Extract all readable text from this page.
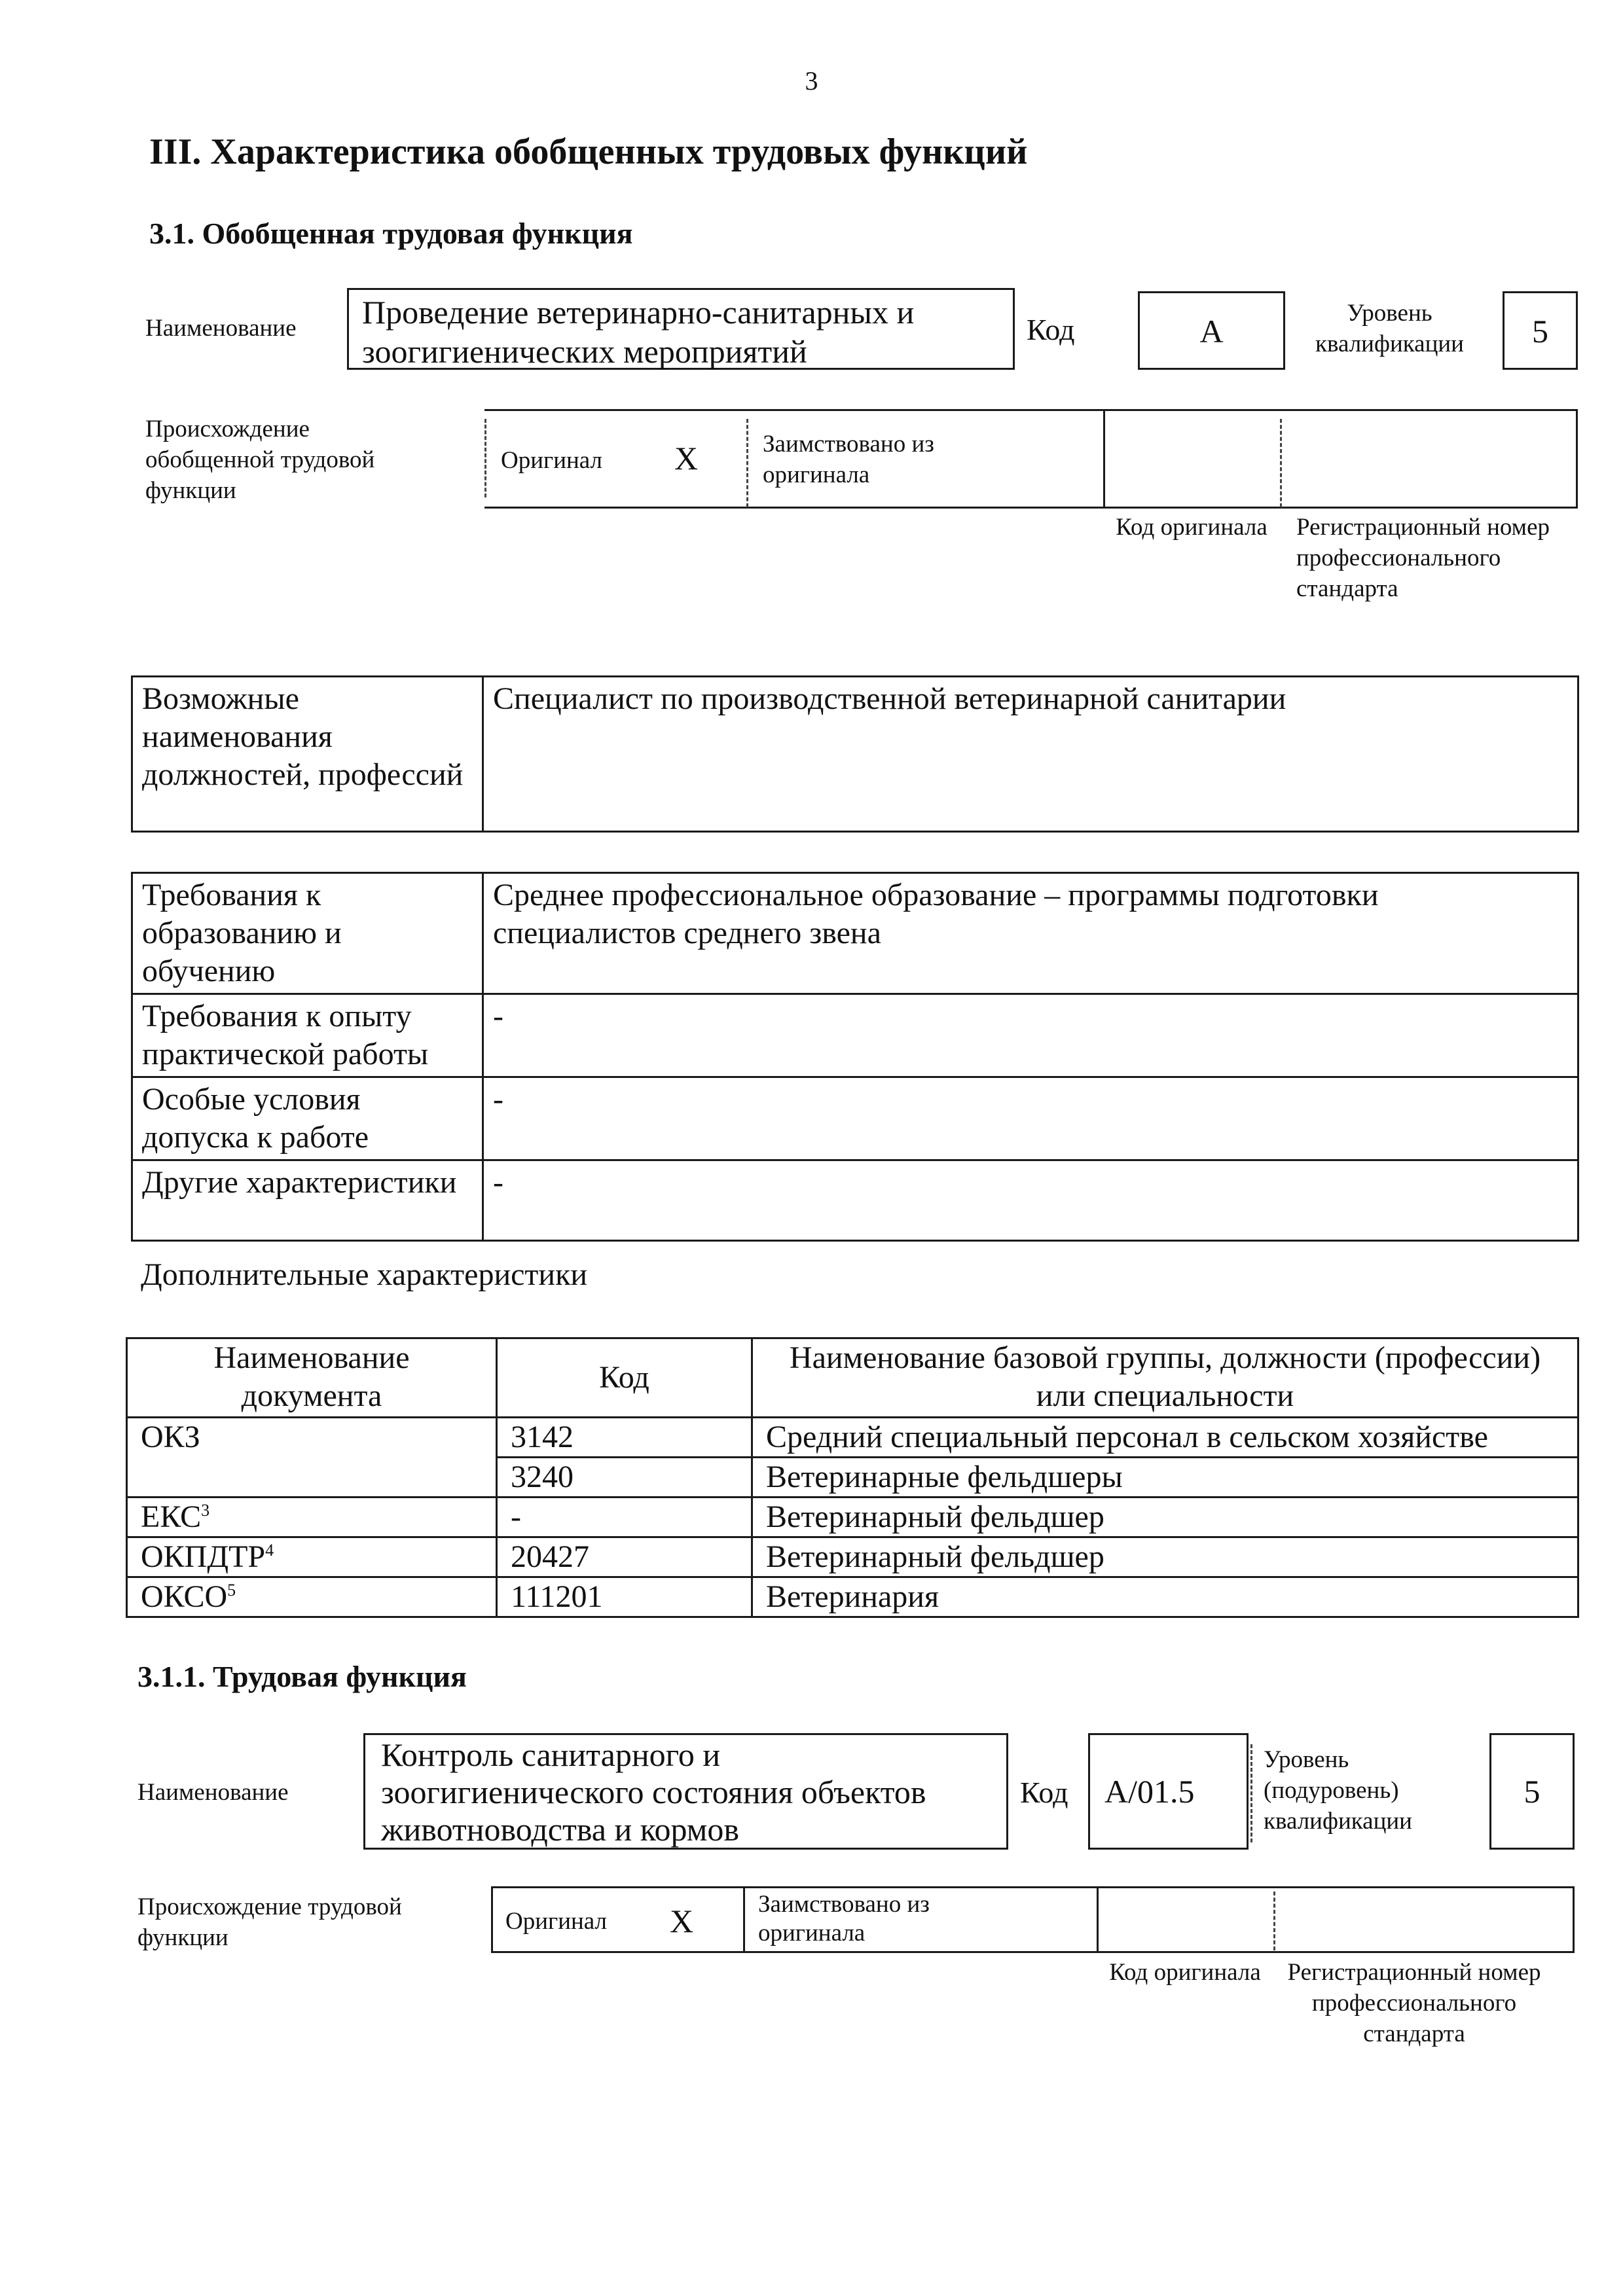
3
III. Характеристика обобщенных трудовых функций
3.1. Обобщенная трудовая функция
Наименование Проведение ветеринарно-санитарных и
зоогигиенических мероприятий
Код	А	Уровень
квалификации	5
Происхождение обобщенной трудовой функции
Оригинал X	Заимствовано из оригинала
Код оригинала	Регистрационный номер профессионального стандарта
Возможные наименования должностей, профессий	Специалист по производственной ветеринарной санитарии
Требования к образованию и обучению	Среднее профессиональное образование – программы подготовки специалистов среднего звена
Требования к опыту практической работы	-
Особые условия допуска к работе	-
Другие характеристики	-
Дополнительные характеристики
Наименование документа	Код	Наименование базовой группы, должности (профессии) или специальности
ОКЗ	3142	Средний специальный персонал в сельском хозяйстве
	3240	Ветеринарные фельдшеры
ЕКС$^3$	-	Ветеринарный фельдшер
ОКПДТР$^4$	20427	Ветеринарный фельдшер
ОКСО$^5$	111201	Ветеринария
3.1.1. Трудовая функция
Наименование
Контроль санитарного и
зоогигиенического состояния объектов
животноводства и кормов
Код	А/01.5
Уровень
(подуровень)
квалификации
5
Происхождение трудовой функции
Оригинал X	Заимствовано из оригинала
Код оригинала	Регистрационный номер профессионального стандарта
